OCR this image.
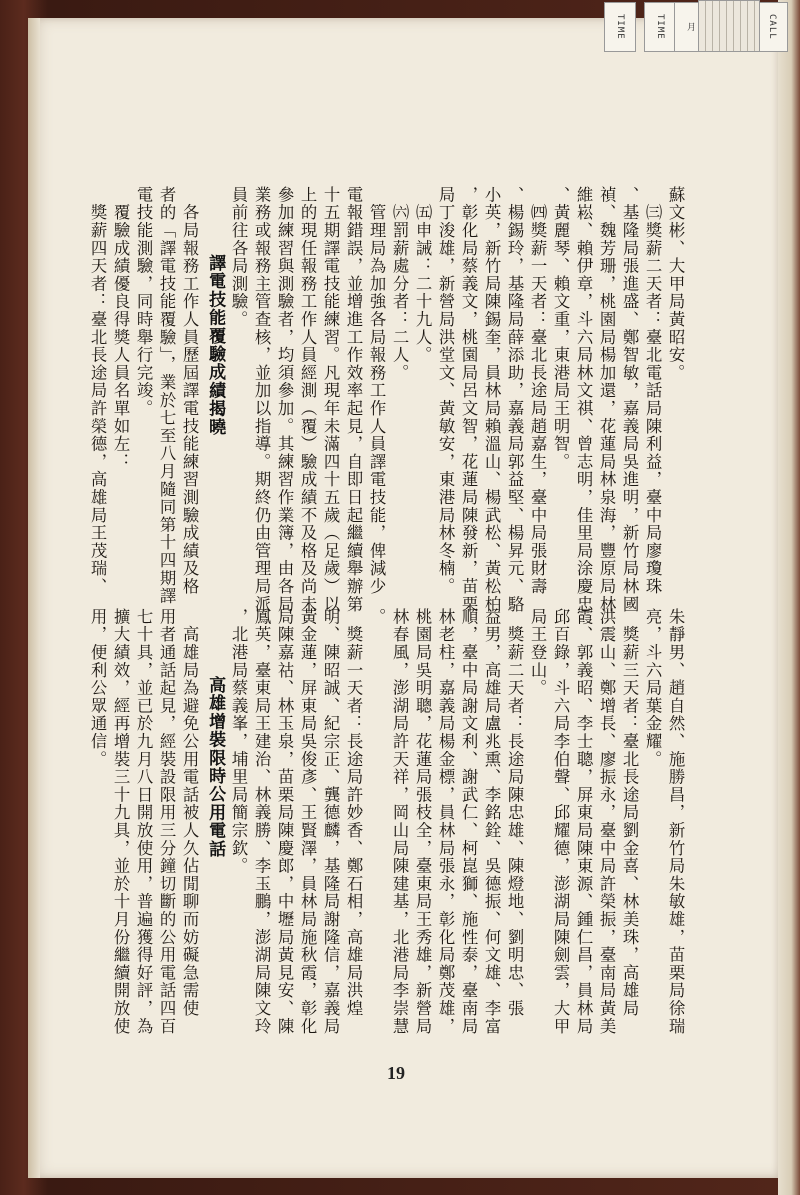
TIME	TIME	月	CALL
蘇文彬、大甲局黃昭安。
　㈢獎薪二天者：臺北電話局陳利益，臺中局廖瓊珠
、基隆局張進盛、鄭智敏，嘉義局吳進明，新竹局林國
禎、魏芳珊，桃園局楊加還，花蓮局林泉海，豐原局林
維崧、賴伊章，斗六局林文祺、曾志明，佳里局涂慶忠
、黃麗琴、賴文重，東港局王明智。
　㈣獎薪一天者：臺北長途局趙嘉生，臺中局張財壽
、楊錫玲，基隆局薛添助，嘉義局郭益堅、楊昇元、駱
小英，新竹局陳錫奎，員林局賴溫山、楊武松、黃松柏
，彰化局蔡義文，桃園局呂文智，花蓮局陳發新，苗栗
局丁浚雄，新營局洪堂文、黃敏安，東港局林冬楠。
　㈤申誡：二十九人。
　㈥罰薪處分者：二人。
　管理局為加強各局報務工作人員譯電技能，俾減少
電報錯誤，並增進工作效率起見，自即日起繼續舉辦第
十五期譯電技能練習。凡現年未滿四十五歲（足歲）以
上的現任報務工作人員經測（覆）驗成績不及格及尚未
參加練習與測驗者，均須參加。其練習作業簿，由各局
業務或報務主管查核，並加以指導。期終仍由管理局派
員前往各局測驗。
譯電技能覆驗成績揭曉
　各局報務工作人員歷屆譯電技能練習測驗成績及格
者的「譯電技能覆驗」，業於七至八月隨同第十四期譯
電技能測驗，同時舉行完竣。
　覆驗成績優良得獎人員名單如左：
　獎薪四天者：臺北長途局許榮德，高雄局王茂瑞、
朱靜男、趙自然、施勝昌，新竹局朱敏雄，苗栗局徐瑞
亮，斗六局葉金耀。
　獎薪三天者：臺北長途局劉金喜、林美珠，高雄局
洪震山、鄭增長、廖振永，臺中局許榮振，臺南局黃美
霞、郭義昭、李士聰，屏東局陳東源、鍾仁昌，員林局
邱百錄，斗六局李伯聲、邱耀德，澎湖局陳劍雲，大甲
局王登山。
　獎薪二天者：長途局陳忠雄、陳燈地、劉明忠、張
益男，高雄局盧兆熏、李銘銓、吳德振、何文雄、李富
順，臺中局謝文利、謝武仁、柯崑獅、施性泰，臺南局
林老柱，嘉義局楊金標，員林局張永，彰化局鄭茂雄，
桃園局吳明聰，花蓮局張枝全，臺東局王秀雄，新營局
林春風，澎湖局許天祥，岡山局陳建基，北港局李崇慧
。
　獎薪一天者：長途局許妙香、鄭石相，高雄局洪煌
明、陳昭誠、紀宗正、龔德麟，基隆局謝隆信，嘉義局
黃金蓮，屏東局吳俊彥、王賢澤，員林局施秋霞，彰化
局陳嘉祜、林玉泉，苗栗局陳慶郎，中壢局黃見安、陳
鳳英，臺東局王建治、林義勝、李玉鵬，澎湖局陳文玲
，北港局蔡義峯，埔里局簡宗欽。
高雄增裝限時公用電話
　高雄局為避免公用電話被人久佔閒聊而妨礙急需使
用者通話起見，經裝設限用三分鐘切斷的公用電話四百
七十具，並已於九月八日開放使用，普遍獲得好評，為
擴大績效，經再增裝三十九具，並於十月份繼續開放使
用，便利公眾通信。
19
